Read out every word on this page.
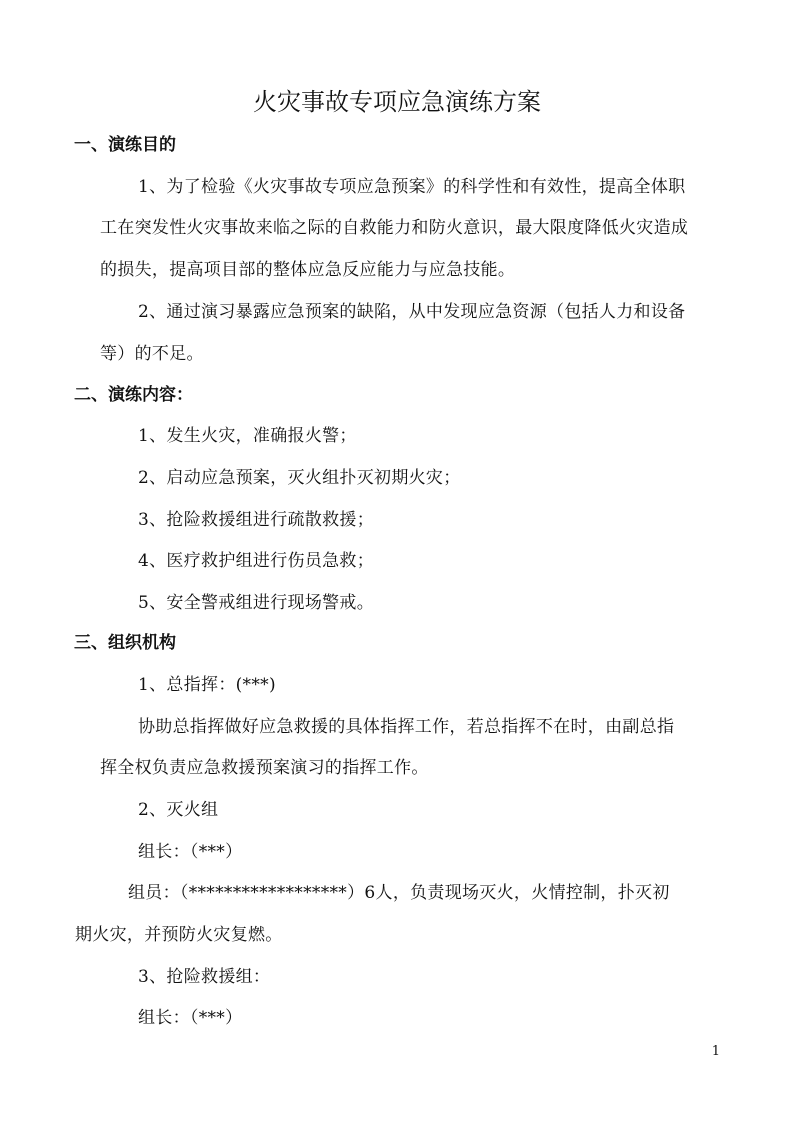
火灾事故专项应急演练方案
一、演练目的
1、为了检验《火灾事故专项应急预案》的科学性和有效性，提高全体职
工在突发性火灾事故来临之际的自救能力和防火意识，最大限度降低火灾造成
的损失，提高项目部的整体应急反应能力与应急技能。
2、通过演习暴露应急预案的缺陷，从中发现应急资源（包括人力和设备
等）的不足。
二、演练内容：
1、发生火灾，准确报火警；
2、启动应急预案，灭火组扑灭初期火灾；
3、抢险救援组进行疏散救援；
4、医疗救护组进行伤员急救；
5、安全警戒组进行现场警戒。
三、组织机构
1、总指挥：(***)
协助总指挥做好应急救援的具体指挥工作，若总指挥不在时，由副总指
挥全权负责应急救援预案演习的指挥工作。
2、灭火组
组长：（***）
组员：（******************）6人，负责现场灭火，火情控制，扑灭初
期火灾，并预防火灾复燃。
3、抢险救援组：
组长：（***）
1
